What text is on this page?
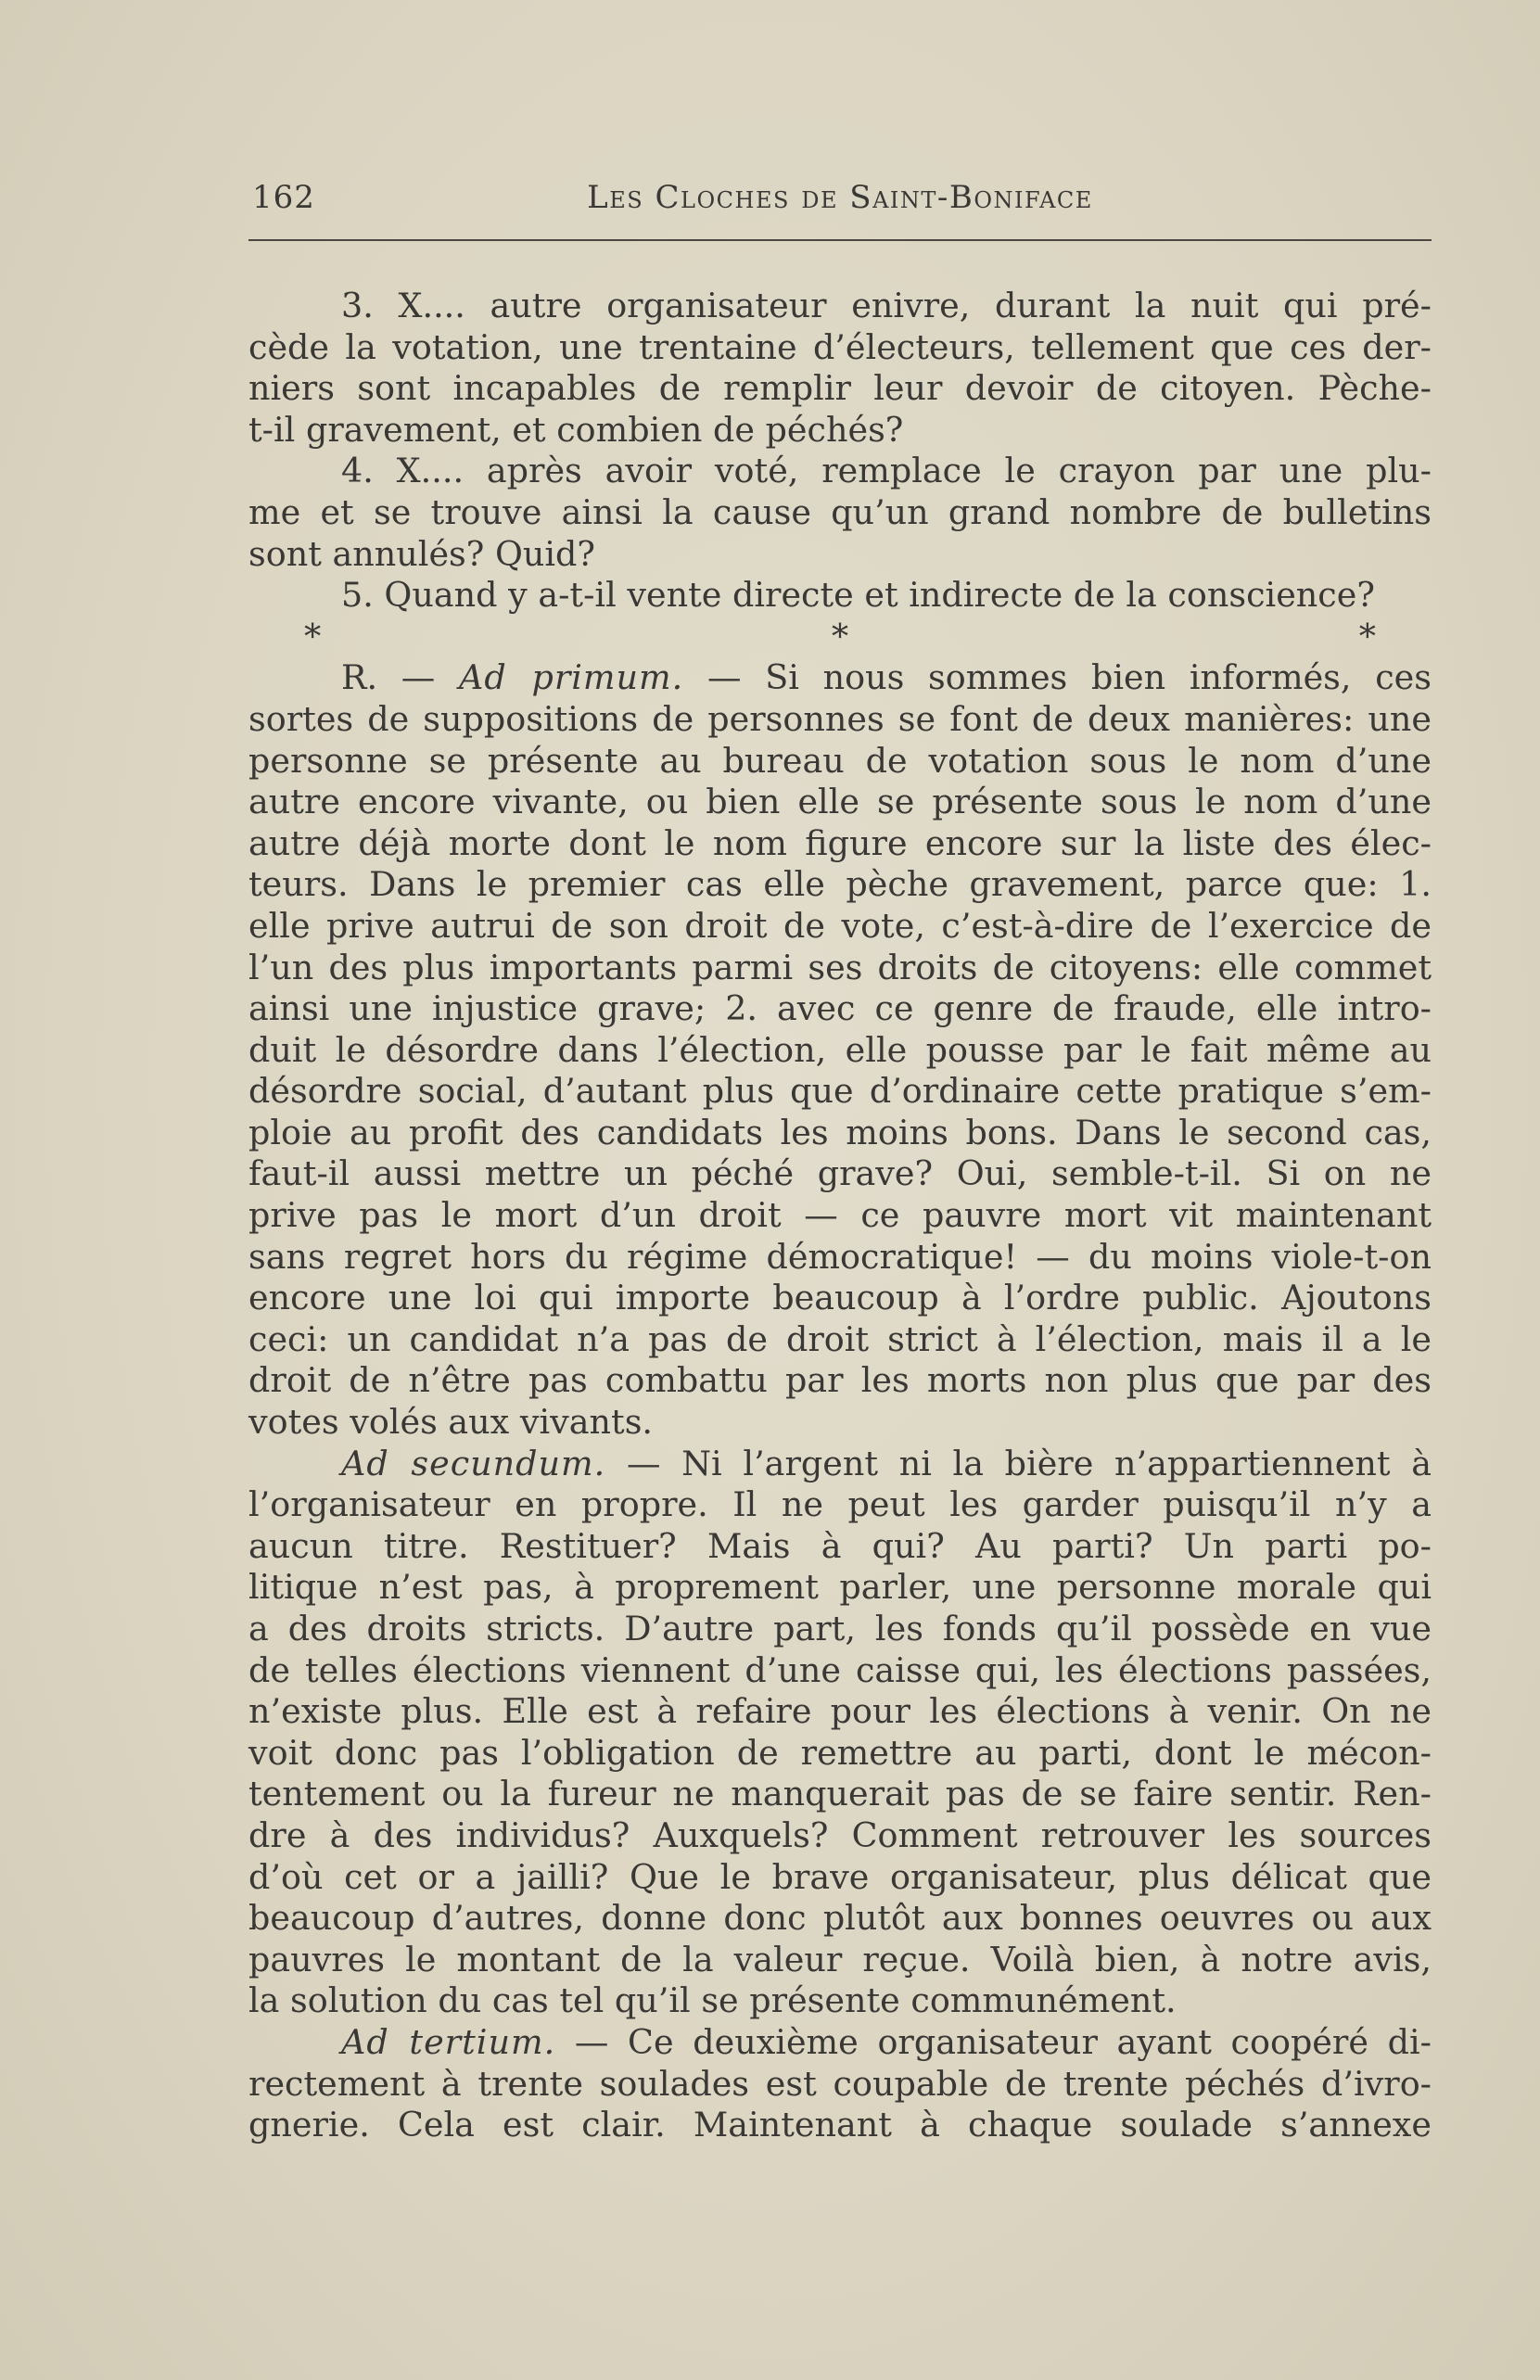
162	Les Cloches de Saint-Boniface
3. X.... autre organisateur enivre, durant la nuit qui pré-
cède la votation, une trentaine d’électeurs, tellement que ces der-
niers sont incapables de remplir leur devoir de citoyen. Pèche-
t-il gravement, et combien de péchés?
4. X.... après avoir voté, remplace le crayon par une plu-
me et se trouve ainsi la cause qu’un grand nombre de bulletins
sont annulés? Quid?
5. Quand y a-t-il vente directe et indirecte de la conscience?
* * *
R. — Ad primum. — Si nous sommes bien informés, ces
sortes de suppositions de personnes se font de deux manières: une
personne se présente au bureau de votation sous le nom d’une
autre encore vivante, ou bien elle se présente sous le nom d’une
autre déjà morte dont le nom figure encore sur la liste des élec-
teurs. Dans le premier cas elle pèche gravement, parce que: 1.
elle prive autrui de son droit de vote, c’est-à-dire de l’exercice de
l’un des plus importants parmi ses droits de citoyens: elle commet
ainsi une injustice grave; 2. avec ce genre de fraude, elle intro-
duit le désordre dans l’élection, elle pousse par le fait même au
désordre social, d’autant plus que d’ordinaire cette pratique s’em-
ploie au profit des candidats les moins bons. Dans le second cas,
faut-il aussi mettre un péché grave? Oui, semble-t-il. Si on ne
prive pas le mort d’un droit — ce pauvre mort vit maintenant
sans regret hors du régime démocratique! — du moins viole-t-on
encore une loi qui importe beaucoup à l’ordre public. Ajoutons
ceci: un candidat n’a pas de droit strict à l’élection, mais il a le
droit de n’être pas combattu par les morts non plus que par des
votes volés aux vivants.
Ad secundum. — Ni l’argent ni la bière n’appartiennent à
l’organisateur en propre. Il ne peut les garder puisqu’il n’y a
aucun titre. Restituer? Mais à qui? Au parti? Un parti po-
litique n’est pas, à proprement parler, une personne morale qui
a des droits stricts. D’autre part, les fonds qu’il possède en vue
de telles élections viennent d’une caisse qui, les élections passées,
n’existe plus. Elle est à refaire pour les élections à venir. On ne
voit donc pas l’obligation de remettre au parti, dont le mécon-
tentement ou la fureur ne manquerait pas de se faire sentir. Ren-
dre à des individus? Auxquels? Comment retrouver les sources
d’où cet or a jailli? Que le brave organisateur, plus délicat que
beaucoup d’autres, donne donc plutôt aux bonnes oeuvres ou aux
pauvres le montant de la valeur reçue. Voilà bien, à notre avis,
la solution du cas tel qu’il se présente communément.
Ad tertium. — Ce deuxième organisateur ayant coopéré di-
rectement à trente soulades est coupable de trente péchés d’ivro-
gnerie. Cela est clair. Maintenant à chaque soulade s’annexe
